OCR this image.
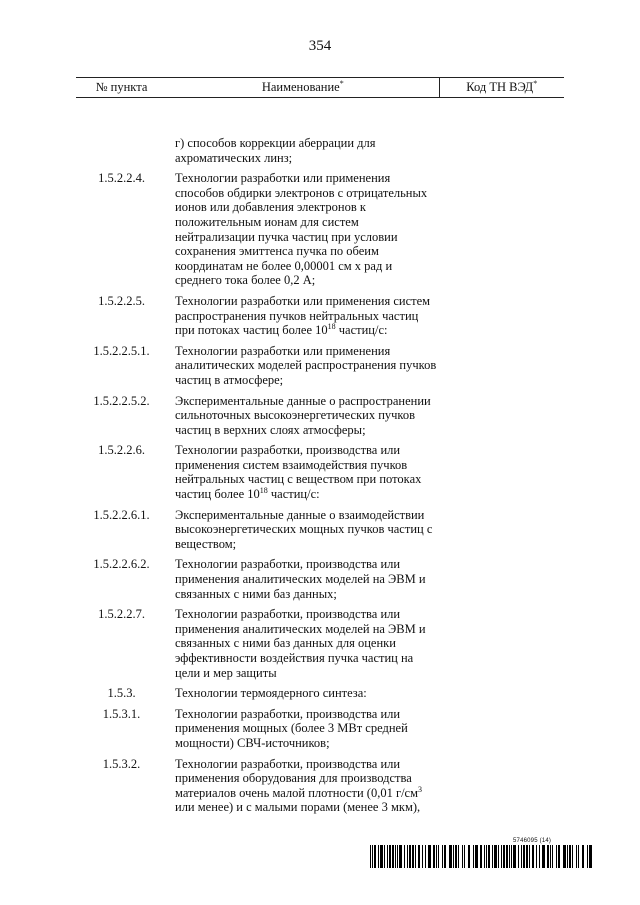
354
№ пункта	Наименование*	Код ТН ВЭД*
	г) способов коррекции аберрации для ахроматических линз;	
1.5.2.2.4.	Технологии разработки или применения способов обдирки электронов с отрицательных ионов или добавления электронов к положительным ионам для систем нейтрализации пучка частиц при условии сохранения эмиттенса пучка по обеим координатам не более 0,00001 см х рад и среднего тока более 0,2 А;	
1.5.2.2.5.	Технологии разработки или применения систем распространения пучков нейтральных частиц при потоках частиц более $10^{18}$ частиц/с:	
1.5.2.2.5.1.	Технологии разработки или применения аналитических моделей распространения пучков частиц в атмосфере;	
1.5.2.2.5.2.	Экспериментальные данные о распространении сильноточных высокоэнергетических пучков частиц в верхних слоях атмосферы;	
1.5.2.2.6.	Технологии разработки, производства или применения систем взаимодействия пучков нейтральных частиц с веществом при потоках частиц более $10^{18}$ частиц/с:	
1.5.2.2.6.1.	Экспериментальные данные о взаимодействии высокоэнергетических мощных пучков частиц с веществом;	
1.5.2.2.6.2.	Технологии разработки, производства или применения аналитических моделей на ЭВМ и связанных с ними баз данных;	
1.5.2.2.7.	Технологии разработки, производства или применения аналитических моделей на ЭВМ и связанных с ними баз данных для оценки эффективности воздействия пучка частиц на цели и мер защиты	
1.5.3.	Технологии термоядерного синтеза:	
1.5.3.1.	Технологии разработки, производства или применения мощных (более 3 МВт средней мощности) СВЧ-источников;	
1.5.3.2.	Технологии разработки, производства или применения оборудования для производства материалов очень малой плотности (0,01 $г/см^3$ или менее) и с малыми порами (менее 3 мкм),	
5746095 (14)
